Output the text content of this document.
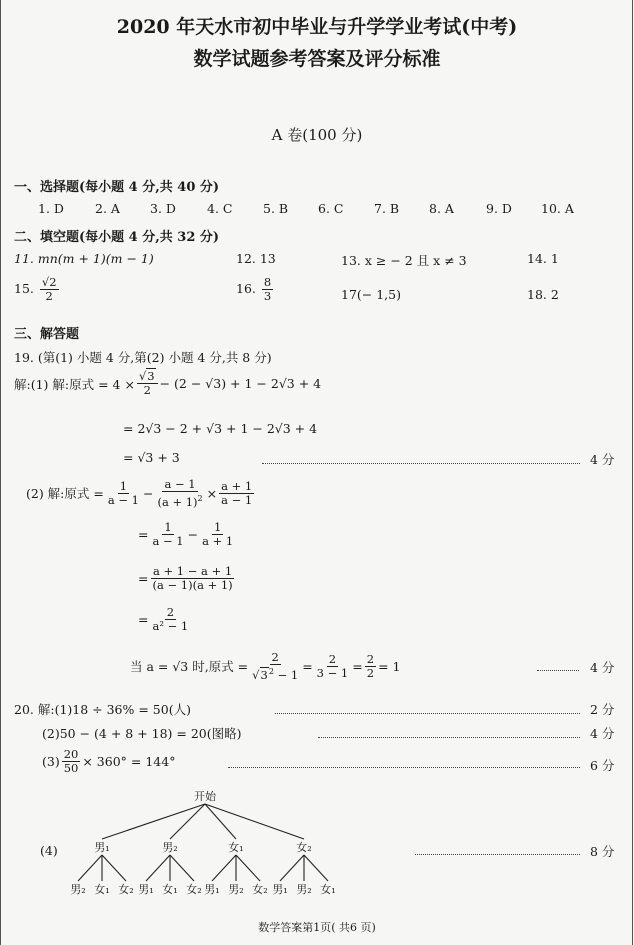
2020 年天水市初中毕业与升学学业考试(中考)
数学试题参考答案及评分标准
A 卷(100 分)
一、选择题(每小题 4 分,共 40 分)
1. D 2. A 3. D 4. C 5. B 6. C 7. B 8. A	9. D 10. A
二、填空题(每小题 4 分,共 32 分)
11. mn(m + 1)(m − 1)	12. 13	13. x ≥ − 2 且 x ≠ 3	14. 1
15. $\frac{√2}{2}$	16. $\frac{8}{3}$	17(− 1,5)	18. 2
三、解答题
19. (第(1) 小题 4 分,第(2) 小题 4 分,共 8 分)
解:(1) 解:原式 = $4 \times \frac{√3}{2} - (2 - √3) + 1 - 2√3 + 4$
= 2√3 − 2 + √3 + 1 − 2√3 + 4
= √3 + 3	4 分
(2) 解:原式 = $\frac{1}{a - 1} - \frac{a - 1}{(a + 1)^2} \times \frac{a + 1}{a - 1}$
= $\frac{1}{a - 1} - \frac{1}{a + 1}$
= $\frac{a + 1 - a + 1}{(a - 1)(a + 1)}$
= $\frac{2}{\text{a² − 1}}$
当 a = √3 时,原式 = $\frac{2}{√3^2 - 1} = \frac{2}{3 - 1} = \frac{2}{2} = 1$	4 分
20. 解:(1)18 ÷ 36% = 50(人)	2 分
(2)50 − (4 + 8 + 18) = 20(图略)	4 分
$(3) \frac{20}{50} \times 360^\circ = 144^\circ$	6 分
(4)	8 分
开始
男₁
男₂ 女₁ 女₂
男₂
男₁ 女₁ 女₂
女₁
男₁ 男₂ 女₂
女₂
男₁ 男₂ 女₁
数学答案第1页( 共6 页)
